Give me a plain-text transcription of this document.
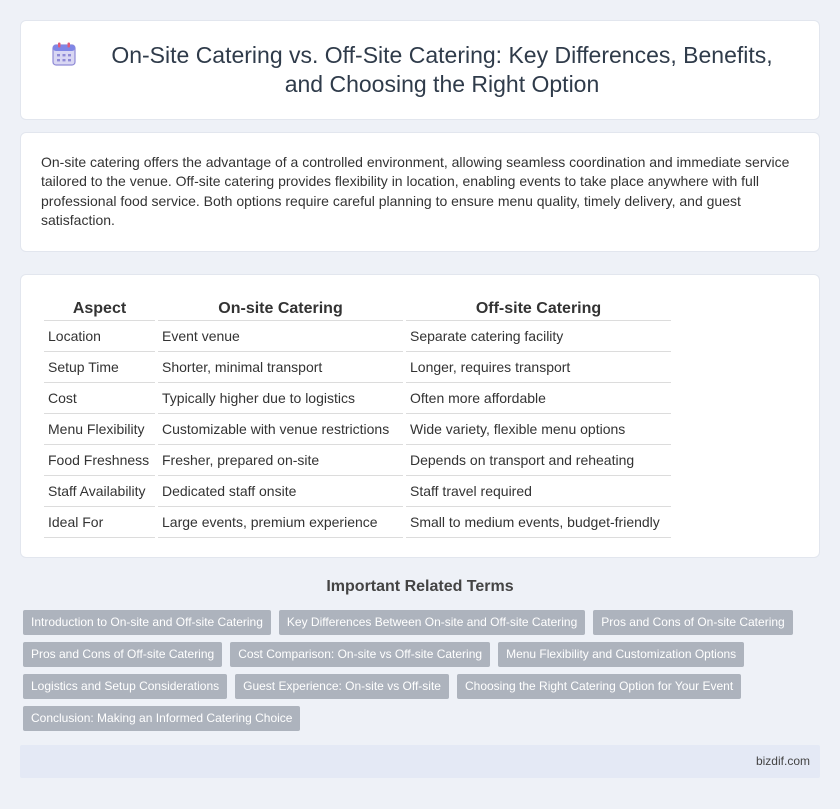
On-Site Catering vs. Off-Site Catering: Key Differences, Benefits, and Choosing the Right Option

On-site catering offers the advantage of a controlled environment, allowing seamless coordination and immediate service tailored to the venue. Off-site catering provides flexibility in location, enabling events to take place anywhere with full professional food service. Both options require careful planning to ensure menu quality, timely delivery, and guest satisfaction.

Aspect	On-site Catering	Off-site Catering
Location	Event venue	Separate catering facility
Setup Time	Shorter, minimal transport	Longer, requires transport
Cost	Typically higher due to logistics	Often more affordable
Menu Flexibility	Customizable with venue restrictions	Wide variety, flexible menu options
Food Freshness	Fresher, prepared on-site	Depends on transport and reheating
Staff Availability	Dedicated staff onsite	Staff travel required
Ideal For	Large events, premium experience	Small to medium events, budget-friendly
Important Related Terms
Introduction to On-site and Off-site Catering	Key Differences Between On-site and Off-site Catering	Pros and Cons of On-site Catering
Pros and Cons of Off-site Catering	Cost Comparison: On-site vs Off-site Catering	Menu Flexibility and Customization Options
Logistics and Setup Considerations	Guest Experience: On-site vs Off-site	Choosing the Right Catering Option for Your Event
Conclusion: Making an Informed Catering Choice
bizdif.com
